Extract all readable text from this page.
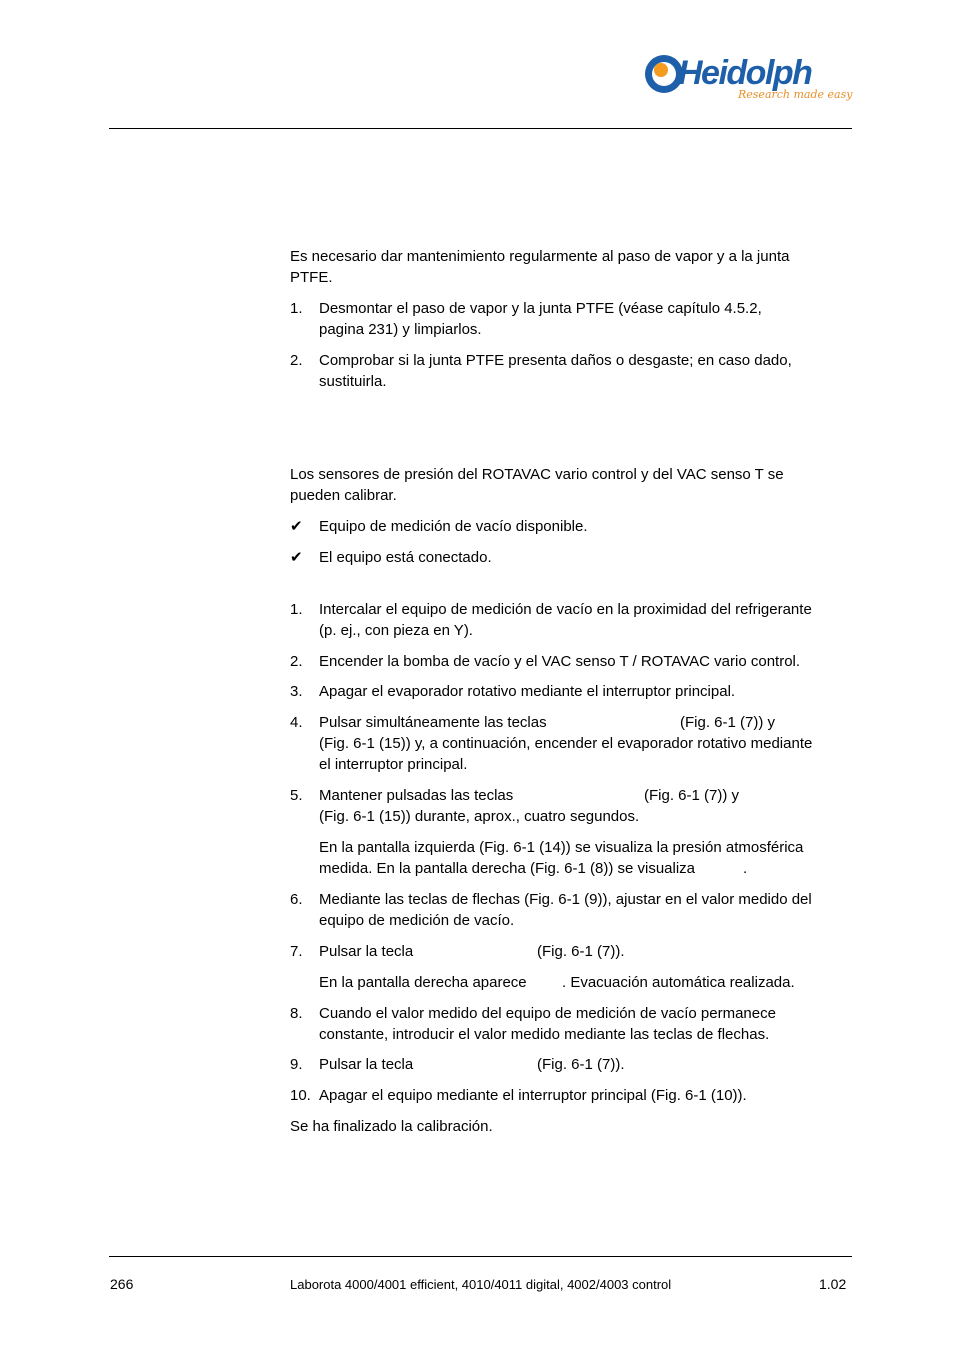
Heidolph
Research made easy
Es necesario dar mantenimiento regularmente al paso de vapor y a la junta
PTFE.
1. Desmontar el paso de vapor y la junta PTFE (véase capítulo 4.5.2,
pagina 231) y limpiarlos.
2. Comprobar si la junta PTFE presenta daños o desgaste; en caso dado,
sustituirla.
Los sensores de presión del ROTAVAC vario control y del VAC senso T se
pueden calibrar.
✔ Equipo de medición de vacío disponible.
✔ El equipo está conectado.
1. Intercalar el equipo de medición de vacío en la proximidad del refrigerante
(p. ej., con pieza en Y).
2. Encender la bomba de vacío y el VAC senso T / ROTAVAC vario control.
3. Apagar el evaporador rotativo mediante el interruptor principal.
4. Pulsar simultáneamente las teclas	(Fig. 6-1 (7)) y
(Fig. 6-1 (15)) y, a continuación, encender el evaporador rotativo mediante
el interruptor principal.
5. Mantener pulsadas las teclas	(Fig. 6-1 (7)) y
(Fig. 6-1 (15)) durante, aprox., cuatro segundos.
En la pantalla izquierda (Fig. 6-1 (14)) se visualiza la presión atmosférica
medida. En la pantalla derecha (Fig. 6-1 (8)) se visualiza	.
6. Mediante las teclas de flechas (Fig. 6-1 (9)), ajustar en el valor medido del
equipo de medición de vacío.
7. Pulsar la tecla	(Fig. 6-1 (7)).
En la pantalla derecha aparece . Evacuación automática realizada.
8. Cuando el valor medido del equipo de medición de vacío permanece
constante, introducir el valor medido mediante las teclas de flechas.
9. Pulsar la tecla	(Fig. 6-1 (7)).
10. Apagar el equipo mediante el interruptor principal (Fig. 6-1 (10)).
Se ha finalizado la calibración.
266	Laborota 4000/4001 efficient, 4010/4011 digital, 4002/4003 control	1.02
